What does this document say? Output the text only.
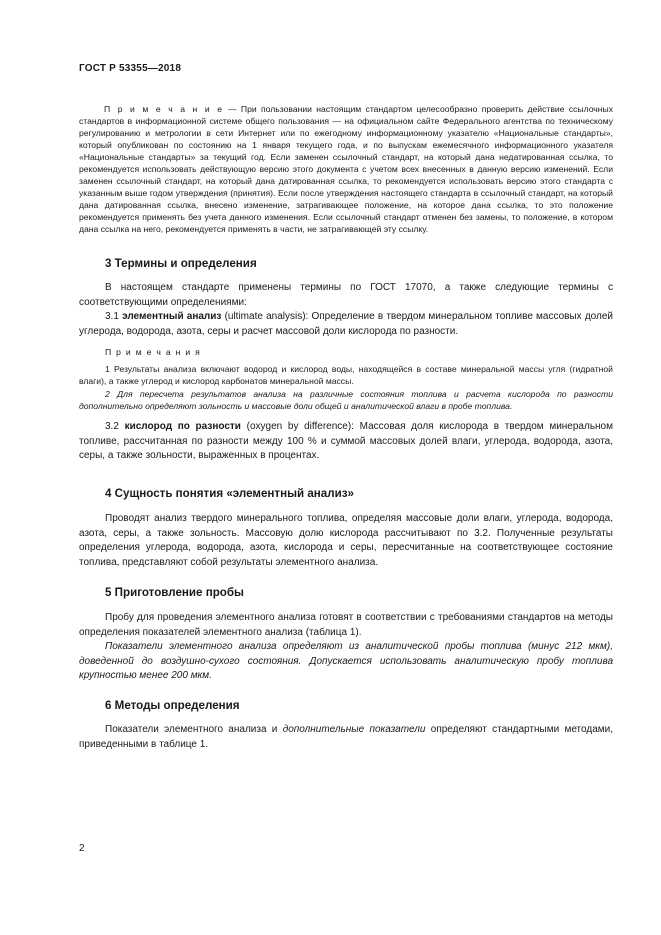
ГОСТ Р 53355—2018
П р и м е ч а н и е — При пользовании настоящим стандартом целесообразно проверить действие ссылочных стандартов в информационной системе общего пользования — на официальном сайте Федерального агентства по техническому регулированию и метрологии в сети Интернет или по ежегодному информационному указателю «Национальные стандарты», который опубликован по состоянию на 1 января текущего года, и по выпускам ежемесячного информационного указателя «Национальные стандарты» за текущий год. Если заменен ссылочный стандарт, на который дана недатированная ссылка, то рекомендуется использовать действующую версию этого документа с учетом всех внесенных в данную версию изменений. Если заменен ссылочный стандарт, на который дана датированная ссылка, то рекомендуется использовать версию этого стандарта с указанным выше годом утверждения (принятия). Если после утверждения настоящего стандарта в ссылочный стандарт, на который дана датированная ссылка, внесено изменение, затрагивающее положение, на которое дана ссылка, то это положение рекомендуется применять без учета данного изменения. Если ссылочный стандарт отменен без замены, то положение, в котором дана ссылка на него, рекомендуется применять в части, не затрагивающей эту ссылку.
3 Термины и определения

В настоящем стандарте применены термины по ГОСТ 17070, а также следующие термины с соответствующими определениями:

3.1 элементный анализ (ultimate analysis): Определение в твердом минеральном топливе массовых долей углерода, водорода, азота, серы и расчет массовой доли кислорода по разности.

П р и м е ч а н и я

1 Результаты анализа включают водород и кислород воды, находящейся в составе минеральной массы угля (гидратной влаги), а также углерод и кислород карбонатов минеральной массы.

2 Для пересчета результатов анализа на различные состояния топлива и расчета кислорода по разности дополнительно определяют зольность и массовые доли общей и аналитической влаги в пробе топлива.

3.2 кислород по разности (oxygen by difference): Массовая доля кислорода в твердом минеральном топливе, рассчитанная по разности между 100 % и суммой массовых долей влаги, углерода, водорода, азота, серы, а также зольности, выраженных в процентах.

4 Сущность понятия «элементный анализ»

Проводят анализ твердого минерального топлива, определяя массовые доли влаги, углерода, водорода, азота, серы, а также зольность. Массовую долю кислорода рассчитывают по 3.2. Полученные результаты определения углерода, водорода, азота, кислорода и серы, пересчитанные на соответствующее состояние топлива, представляют собой результаты элементного анализа.

5 Приготовление пробы

Пробу для проведения элементного анализа готовят в соответствии с требованиями стандартов на методы определения показателей элементного анализа (таблица 1).

Показатели элементного анализа определяют из аналитической пробы топлива (минус 212 мкм), доведенной до воздушно-сухого состояния. Допускается использовать аналитическую пробу топлива крупностью менее 200 мкм.

6 Методы определения

Показатели элементного анализа и дополнительные показатели определяют стандартными методами, приведенными в таблице 1.

2
